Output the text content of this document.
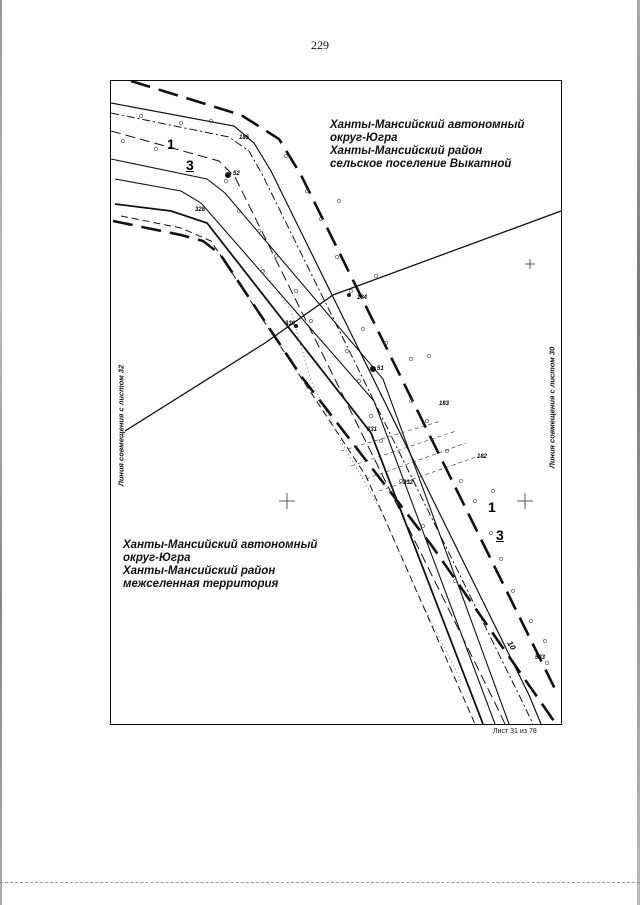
229
1
3
1
3
185
52
328
330
184
51
183
331
182
332
533
10
Ханты-Мансийский автономный
округ-Югра
Ханты-Мансийский район
сельское поселение Выкатной
Ханты-Мансийский автономный
округ-Югра
Ханты-Мансийский район
межселенная территория
Линия совмещения с листом 32	Линия совмещения с листом 30
Лист 31 из 78
